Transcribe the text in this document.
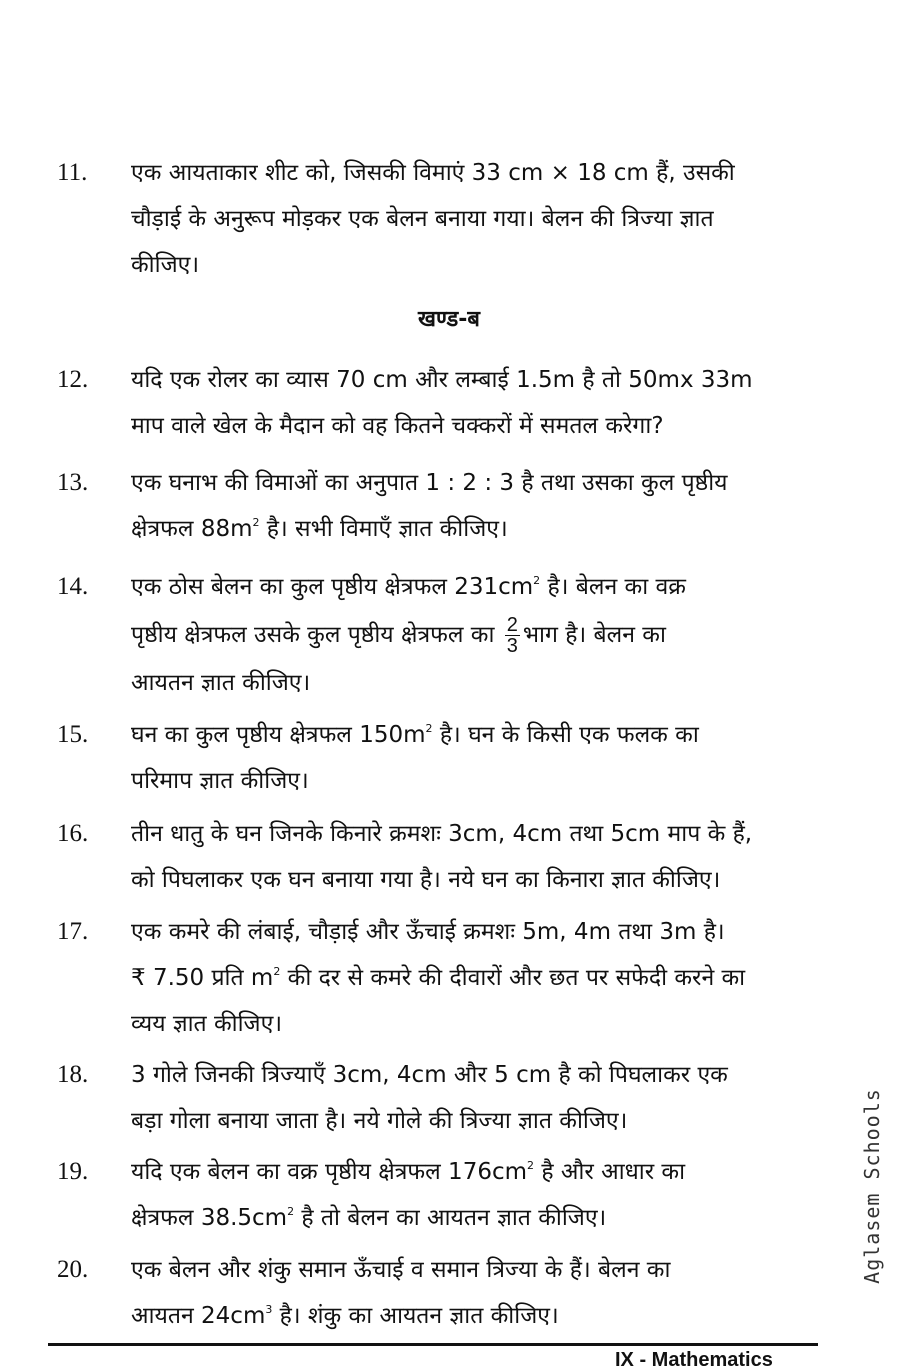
11. एक आयताकार शीट को, जिसकी विमाएं 33 cm × 18 cm हैं, उसकी
चौड़ाई के अनुरूप मोड़कर एक बेलन बनाया गया। बेलन की त्रिज्या ज्ञात
कीजिए।
खण्ड-ब
12. यदि एक रोलर का व्यास 70 cm और लम्बाई 1.5m है तो 50mx 33m
माप वाले खेल के मैदान को वह कितने चक्करों में समतल करेगा?
13. एक घनाभ की विमाओं का अनुपात 1 : 2 : 3 है तथा उसका कुल पृष्ठीय
क्षेत्रफल $88m^2$ है। सभी विमाएँ ज्ञात कीजिए।
14. एक ठोस बेलन का कुल पृष्ठीय क्षेत्रफल $231cm^2$ है। बेलन का वक्र
पृष्ठीय क्षेत्रफल उसके कुल पृष्ठीय क्षेत्रफल का $\frac{2}{3}$ भाग है। बेलन का
आयतन ज्ञात कीजिए।
15. घन का कुल पृष्ठीय क्षेत्रफल $150m^2$ है। घन के किसी एक फलक का
परिमाप ज्ञात कीजिए।
16. तीन धातु के घन जिनके किनारे क्रमशः 3cm, 4cm तथा 5cm माप के हैं,
को पिघलाकर एक घन बनाया गया है। नये घन का किनारा ज्ञात कीजिए।
17. एक कमरे की लंबाई, चौड़ाई और ऊँचाई क्रमशः 5m, 4m तथा 3m है।
₹ 7.50 प्रति $m^2$ की दर से कमरे की दीवारों और छत पर सफेदी करने का
व्यय ज्ञात कीजिए।
18. 3 गोले जिनकी त्रिज्याएँ 3cm, 4cm और 5 cm है को पिघलाकर एक
बड़ा गोला बनाया जाता है। नये गोले की त्रिज्या ज्ञात कीजिए।
19. यदि एक बेलन का वक्र पृष्ठीय क्षेत्रफल $176cm^2$ है और आधार का
क्षेत्रफल $38.5cm^2$ है तो बेलन का आयतन ज्ञात कीजिए।
20. एक बेलन और शंकु समान ऊँचाई व समान त्रिज्या के हैं। बेलन का
आयतन $24cm^3$ है। शंकु का आयतन ज्ञात कीजिए।
Aglasem Schools
IX - Mathematics
